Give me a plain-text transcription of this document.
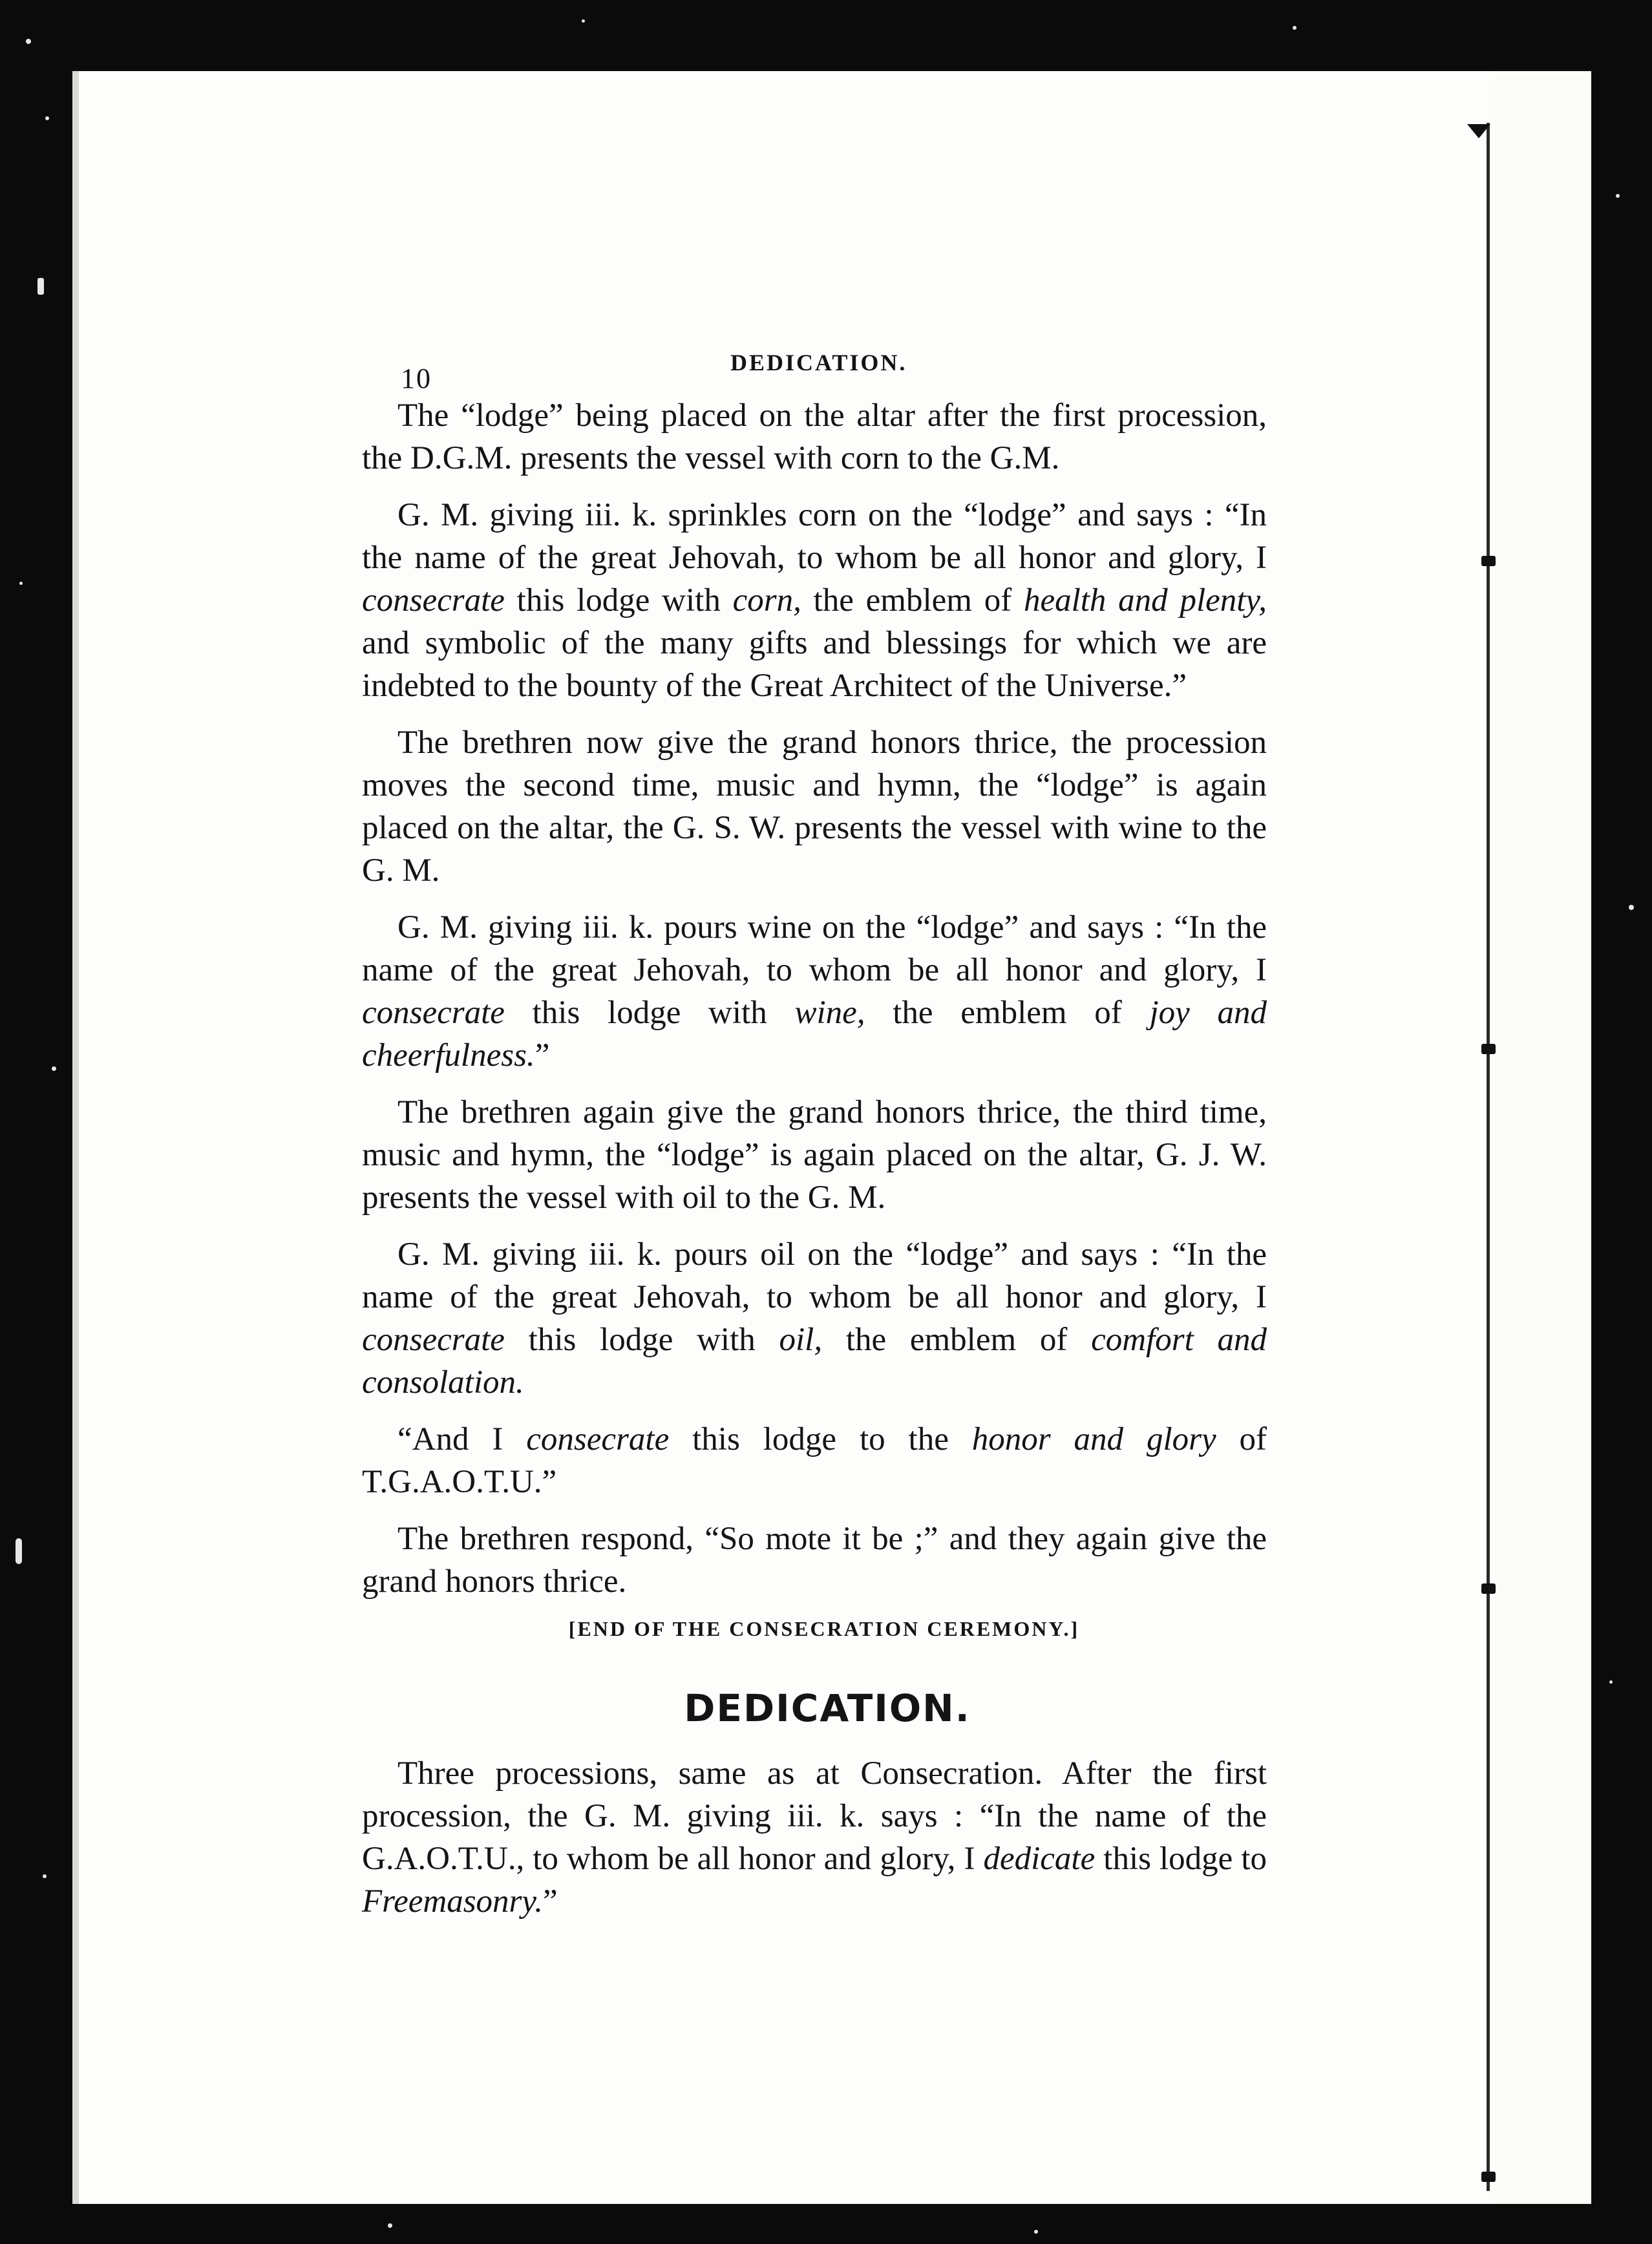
10	DEDICATION.

The “lodge” being placed on the altar after the first procession, the D.G.M. presents the vessel with corn to the G.M.

G. M. giving iii. k. sprinkles corn on the “lodge” and says : “In the name of the great Jehovah, to whom be all honor and glory, I consecrate this lodge with corn, the emblem of health and plenty, and symbolic of the many gifts and blessings for which we are indebted to the bounty of the Great Architect of the Universe.”

The brethren now give the grand honors thrice, the procession moves the second time, music and hymn, the “lodge” is again placed on the altar, the G. S. W. presents the vessel with wine to the G. M.

G. M. giving iii. k. pours wine on the “lodge” and says : “In the name of the great Jehovah, to whom be all honor and glory, I consecrate this lodge with wine, the emblem of joy and cheerfulness.”

The brethren again give the grand honors thrice, the third time, music and hymn, the “lodge” is again placed on the altar, G. J. W. presents the vessel with oil to the G. M.

G. M. giving iii. k. pours oil on the “lodge” and says : “In the name of the great Jehovah, to whom be all honor and glory, I consecrate this lodge with oil, the emblem of comfort and consolation.

“And I consecrate this lodge to the honor and glory of T.G.A.O.T.U.”

The brethren respond, “So mote it be ;” and they again give the grand honors thrice.

[END OF THE CONSECRATION CEREMONY.]
DEDICATION.

Three processions, same as at Consecration. After the first procession, the G. M. giving iii. k. says : “In the name of the G.A.O.T.U., to whom be all honor and glory, I dedicate this lodge to Freemasonry.”
